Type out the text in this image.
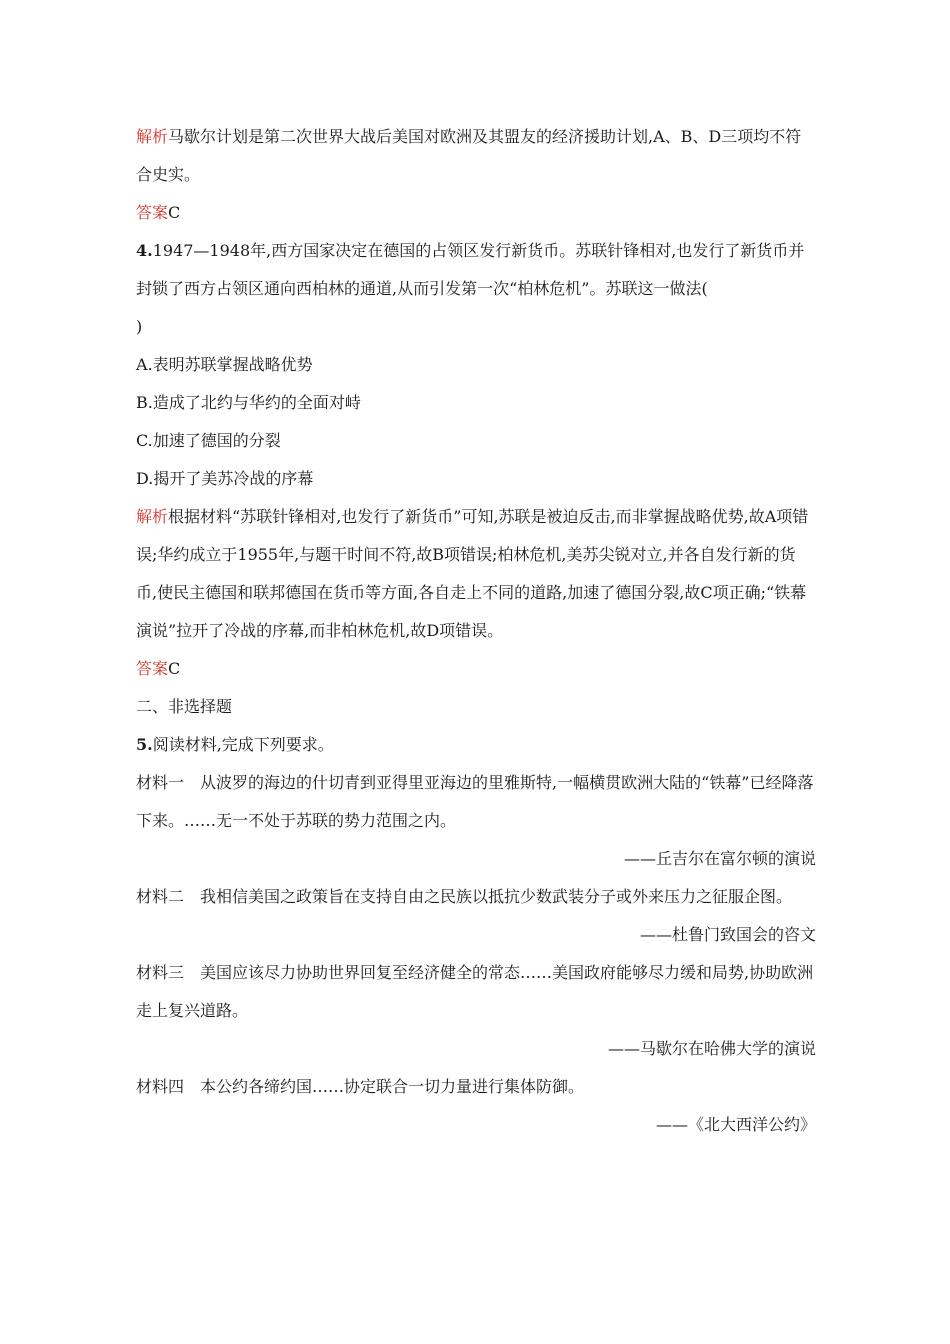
解析马歇尔计划是第二次世界大战后美国对欧洲及其盟友的经济援助计划,A、B、D三项均不符合史实。
答案C
4.1947—1948年,西方国家决定在德国的占领区发行新货币。苏联针锋相对,也发行了新货币并封锁了西方占领区通向西柏林的通道,从而引发第一次“柏林危机”。苏联这一做法(
)
A.表明苏联掌握战略优势
B.造成了北约与华约的全面对峙
C.加速了德国的分裂
D.揭开了美苏冷战的序幕
解析根据材料“苏联针锋相对,也发行了新货币”可知,苏联是被迫反击,而非掌握战略优势,故A项错误;华约成立于1955年,与题干时间不符,故B项错误;柏林危机,美苏尖锐对立,并各自发行新的货币,使民主德国和联邦德国在货币等方面,各自走上不同的道路,加速了德国分裂,故C项正确;“铁幕演说”拉开了冷战的序幕,而非柏林危机,故D项错误。
答案C
二、非选择题
5.阅读材料,完成下列要求。
材料一 从波罗的海边的什切青到亚得里亚海边的里雅斯特,一幅横贯欧洲大陆的“铁幕”已经降落下来。……无一不处于苏联的势力范围之内。
——丘吉尔在富尔顿的演说
材料二 我相信美国之政策旨在支持自由之民族以抵抗少数武装分子或外来压力之征服企图。
——杜鲁门致国会的咨文
材料三 美国应该尽力协助世界回复至经济健全的常态……美国政府能够尽力缓和局势,协助欧洲走上复兴道路。
——马歇尔在哈佛大学的演说
材料四 本公约各缔约国……协定联合一切力量进行集体防御。
——《北大西洋公约》
